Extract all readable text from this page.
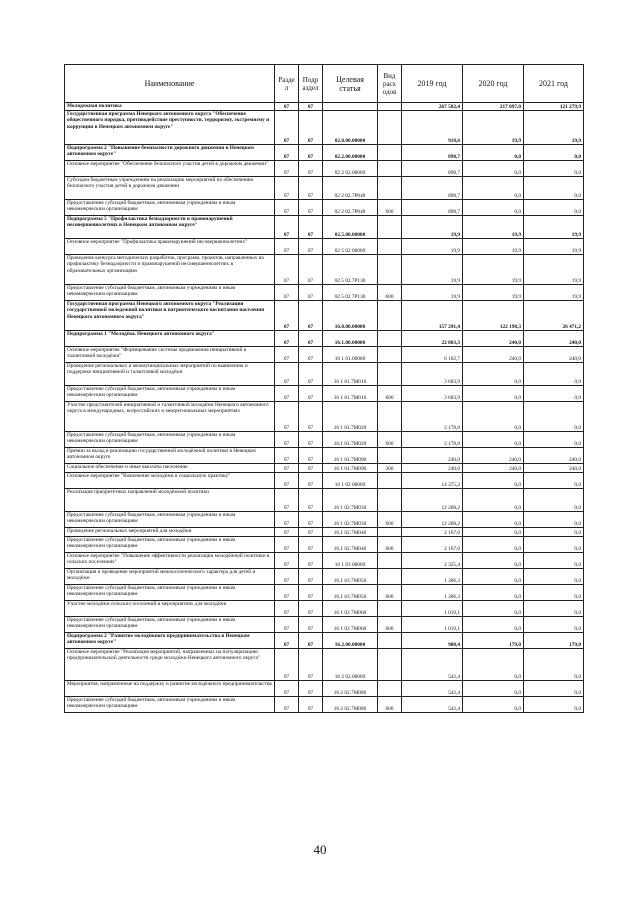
Наименование	Разде л	Подр аздел	Целевая статья	Вид расх одов	2019 год	2020 год	2021 год
Молодежная политика	07	07			267 502,4	217 097,0	121 279,9
Государственная программа Ненецкого автономного округа "Обеспечение общественного порядка, противодействие преступности, терроризму, экстремизму и коррупции в Ненецком автономном округе"	07	07	02.0.00.00000		918,6	19,9	19,9
Подпрограмма 2 "Повышение безопасности дорожного движения в Ненецком автономном округе"	07	07	02.2.00.00000		898,7	0,0	0,0
Основное мероприятие "Обеспечение безопасного участия детей в дорожном движении"	07	07	02 2 02.00000		898,7	0,0	0,0
Субсидии бюджетным учреждениям на реализацию мероприятий по обеспечению безопасного участия детей в дорожном движении	07	07	02 2 02.7P040		898,7	0,0	0,0
Предоставление субсидий бюджетным, автономным учреждениям и иным некоммерческим организациям	07	07	02 2 02.7P040	600	898,7	0,0	0,0
Подпрограмма 5 "Профилактика безнадзорности и правонарушений несовершеннолетних в Ненецком автономном округе"	07	07	02.5.00.00000		19,9	19,9	19,9
Основное мероприятие "Профилактика правонарушений несовершеннолетних"	07	07	02 5 02 00000		19,9	19,9	19,9
Проведение конкурса методических разработок, программ, проектов, направленных на профилактику безнадзорности и правонарушений несовершеннолетних в образовательных организациях	07	07	02 5 02.7P130		19,9	19,9	19,9
Предоставление субсидий бюджетным, автономным учреждениям и иным некоммерческим организациям	07	07	02 5.02 7P130	600	19,9	19,9	19,9
Государственная программа Ненецкого автономного округа "Реализация государственной молодежной политики и патриотического воспитания населения Ненецкого автономного округа"	07	07	16.0.00.00000		157 291,4	122 198,3	26 471,2
Подпрограмма 1 "Молодёжь Ненецкого автономного округа"	07	07	16.1.00.00000		22 803,3	240,0	240,0
Основное мероприятие "Формирование системы продвижения инициативной и талантливой молодёжи"	07	07	16 1 01.00000		6 102,7	240,0	240,0
Проведение региональных и межмуниципальных мероприятий по выявлению и поддержке инициативной и талантливой молодёжи	07	07	16 1 01.7M010		3 683,9	0,0	0,0
Предоставление субсидий бюджетным, автономным учреждениям и иным некоммерческим организациям	07	07	16 1 01.7M010	600	3 683,9	0,0	0,0
Участие представителей инициативной и талантливой молодёжи Ненецкого автономного округа в международных, всероссийских и межрегиональных мероприятиях	07	07	16 1 01.7M020		2 178,8	0,0	0,0
Предоставление субсидий бюджетным, автономным учреждениям и иным некоммерческим организациям	07	07	16.1 01.7M020	600	2 178,8	0,0	0,0
Премии за вклад в реализацию государственной молодёжной политики в Ненецком автономном округе	07	07	16 1 01.7M090		240,0	240,0	240,0
Социальное обеспечение и иные выплаты населению	07	07	16 1 01.7M090	300	240,0	240,0	240,0
Основное мероприятие "Вовлечение молодёжи в социальную практику"	07	07	16 1 02 00000		14 375,2	0,0	0,0
Реализация приоритетных направлений молодёжной политики	07	07	16 1 02.7M030		12 208,2	0,0	0,0
Предоставление субсидий бюджетным, автономным учреждениям и иным некоммерческим организациям	07	07	16 1 02.7M030	600	12 208,2	0,0	0,0
Проведение региональных мероприятий для молодёжи	07	07	16.1 02.7M040		2 167,0	0,0	0,0
Предоставление субсидий бюджетным, автономным учреждениям и иным некоммерческим организациям	07	07	16.1 02.7M040	600	2 167,0	0,0	0,0
Основное мероприятие "Повышение эффективности реализации молодёжной политики в сельских поселениях"	07	07	16 1 03 00000		2 325,4	0,0	0,0
Организация и проведение мероприятий межпоселенческого характера для детей и молодёжи	07	07	16.1 03.7M050		1 306,3	0,0	0,0
Предоставление субсидий бюджетным, автономным учреждениям и иным некоммерческим организациям	07	07	16.1 03.7M050	600	1 306,3	0,0	0,0
Участие молодёжи сельских поселений в мероприятиях для молодёжи	07	07	16 1 03 7M060		1 019,1	0,0	0,0
Предоставление субсидий бюджетным, автономным учреждениям и иным некоммерческим организациям	07	07	16 1 03 7M060	600	1 019,1	0,0	0,0
Подпрограмма 2 "Развитие молодёжного предпринимательства в Ненецком автономном округе"	07	07	16.2.00.00000		900,4	179,0	179,0
Основное мероприятие "Реализация мероприятий, направленных на популяризацию предпринимательской деятельности среди молодёжи Ненецкого автономного округа"	07	07	16 2 02.00000		542,4	0,0	0,0
Мероприятия, направленные на поддержку и развитие молодёжного предпринимательства	07	07	16 2 02.7M080		542,4	0,0	0,0
Предоставление субсидий бюджетным, автономным учреждениям и иным некоммерческим организациям	07	07	16 2 02.7M080	600	542,4	0,0	0,0
40
